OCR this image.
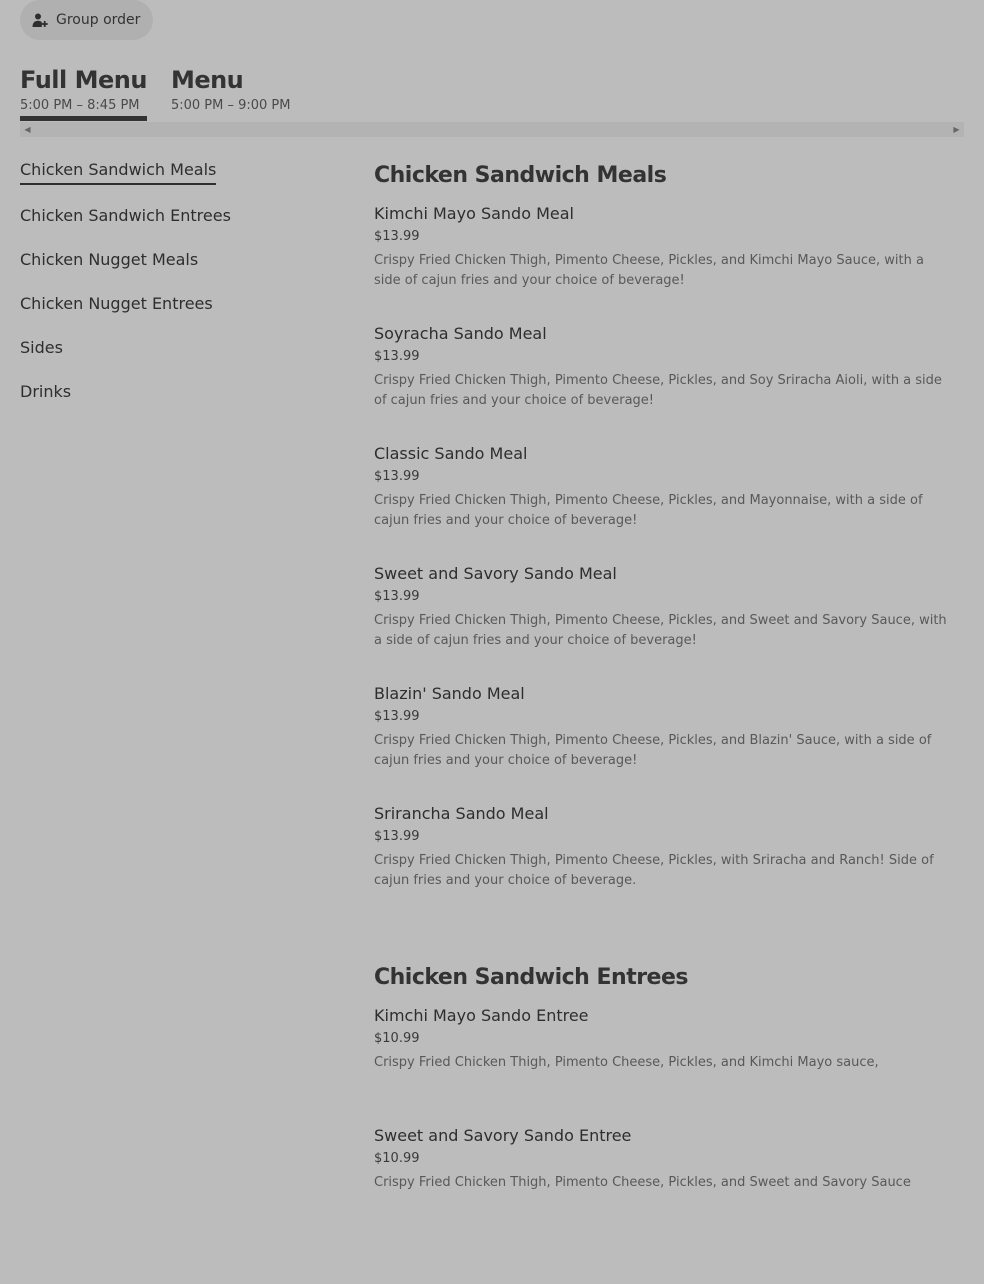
Group order
Full Menu
5:00 PM – 8:45 PM
Menu
5:00 PM – 9:00 PM
◀	▶
Chicken Sandwich Meals
Chicken Sandwich Entrees
Chicken Nugget Meals
Chicken Nugget Entrees
Sides
Drinks
Chicken Sandwich Meals
Kimchi Mayo Sando Meal
$13.99
Crispy Fried Chicken Thigh, Pimento Cheese, Pickles, and Kimchi Mayo Sauce, with a side of cajun fries and your choice of beverage!
Soyracha Sando Meal
$13.99
Crispy Fried Chicken Thigh, Pimento Cheese, Pickles, and Soy Sriracha Aioli, with a side of cajun fries and your choice of beverage!
Classic Sando Meal
$13.99
Crispy Fried Chicken Thigh, Pimento Cheese, Pickles, and Mayonnaise, with a side of cajun fries and your choice of beverage!
Sweet and Savory Sando Meal
$13.99
Crispy Fried Chicken Thigh, Pimento Cheese, Pickles, and Sweet and Savory Sauce, with a side of cajun fries and your choice of beverage!
Blazin' Sando Meal
$13.99
Crispy Fried Chicken Thigh, Pimento Cheese, Pickles, and Blazin' Sauce, with a side of cajun fries and your choice of beverage!
Srirancha Sando Meal
$13.99
Crispy Fried Chicken Thigh, Pimento Cheese, Pickles, with Sriracha and Ranch! Side of cajun fries and your choice of beverage.
Chicken Sandwich Entrees
Kimchi Mayo Sando Entree
$10.99
Crispy Fried Chicken Thigh, Pimento Cheese, Pickles, and Kimchi Mayo sauce,
Sweet and Savory Sando Entree
$10.99
Crispy Fried Chicken Thigh, Pimento Cheese, Pickles, and Sweet and Savory Sauce
